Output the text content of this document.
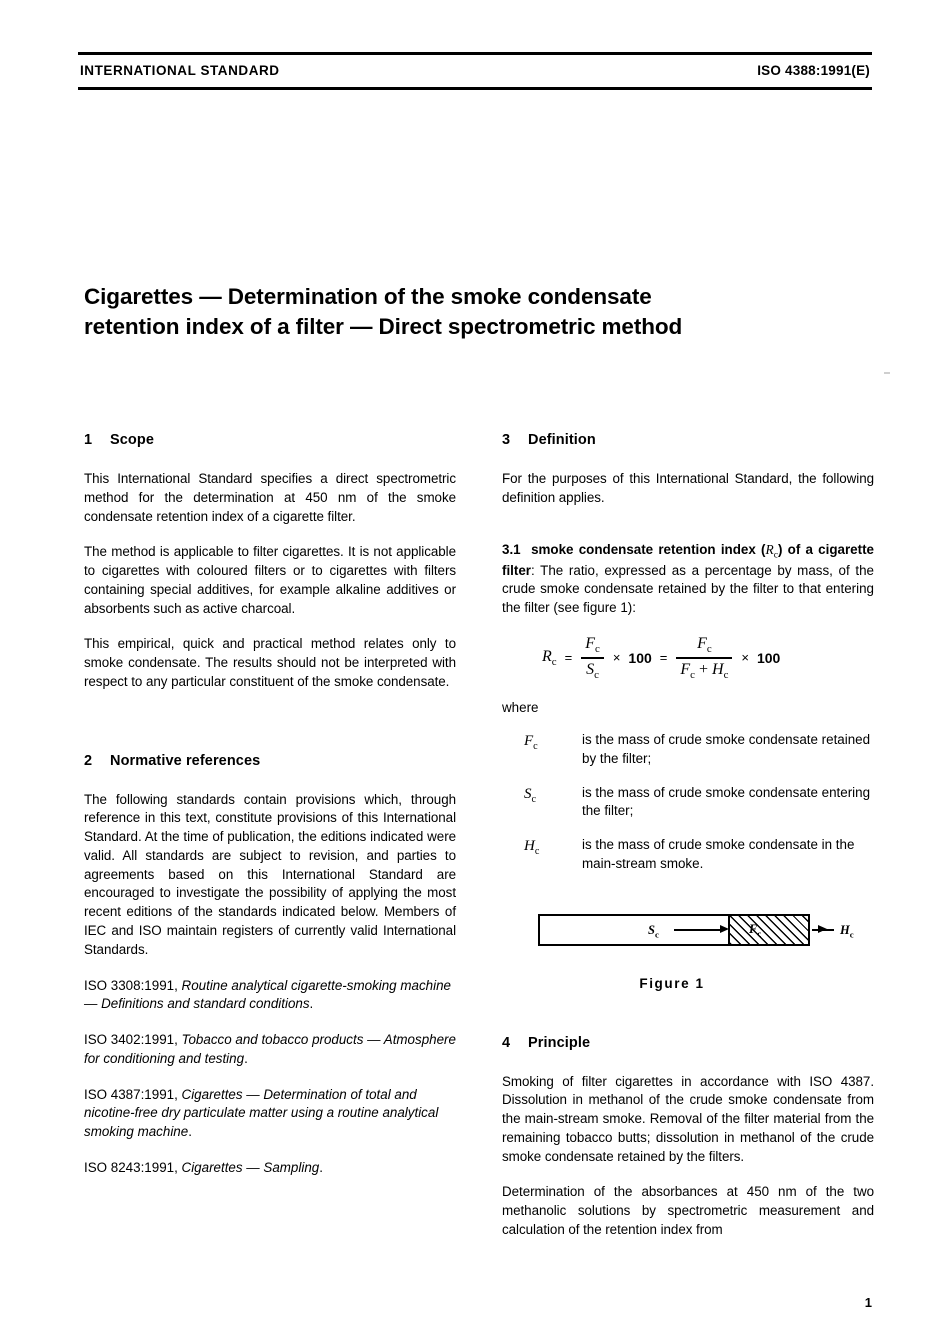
INTERNATIONAL STANDARD	ISO 4388:1991(E)
Cigarettes — Determination of the smoke condensate
retention index of a filter — Direct spectrometric method
1 Scope

This International Standard specifies a direct spectrometric method for the determination at 450 nm of the smoke condensate retention index of a cigarette filter.

The method is applicable to filter cigarettes. It is not applicable to cigarettes with coloured filters or to cigarettes with filters containing special additives, for example alkaline additives or absorbents such as active charcoal.

This empirical, quick and practical method relates only to smoke condensate. The results should not be interpreted with respect to any particular constituent of the smoke condensate.

2 Normative references

The following standards contain provisions which, through reference in this text, constitute provisions of this International Standard. At the time of publication, the editions indicated were valid. All standards are subject to revision, and parties to agreements based on this International Standard are encouraged to investigate the possibility of applying the most recent editions of the standards indicated below. Members of IEC and ISO maintain registers of currently valid International Standards.

ISO 3308:1991, Routine analytical cigarette-smoking machine — Definitions and standard conditions.

ISO 3402:1991, Tobacco and tobacco products — Atmosphere for conditioning and testing.

ISO 4387:1991, Cigarettes — Determination of total and nicotine-free dry particulate matter using a routine analytical smoking machine.

ISO 8243:1991, Cigarettes — Sampling.

3 Definition

For the purposes of this International Standard, the following definition applies.

3.1 smoke condensate retention index $(R_c)$ of a cigarette filter: The ratio, expressed as a percentage by mass, of the crude smoke condensate retained by the filter to that entering the filter (see figure 1):

$R_c = \frac{F_c}{S_c} \times 100 = \frac{F_c}{F_c + H_c} \times 100$

where

$F_c$	is the mass of crude smoke condensate retained by the filter;
$S_c$	is the mass of crude smoke condensate entering the filter;
$H_c$	is the mass of crude smoke condensate in the main-stream smoke.
$S_c$	$F_c$	$H_c$
Figure 1
4 Principle

Smoking of filter cigarettes in accordance with ISO 4387. Dissolution in methanol of the crude smoke condensate from the main-stream smoke. Removal of the filter material from the remaining tobacco butts; dissolution in methanol of the crude smoke condensate retained by the filters.

Determination of the absorbances at 450 nm of the two methanolic solutions by spectrometric measurement and calculation of the retention index from

1
